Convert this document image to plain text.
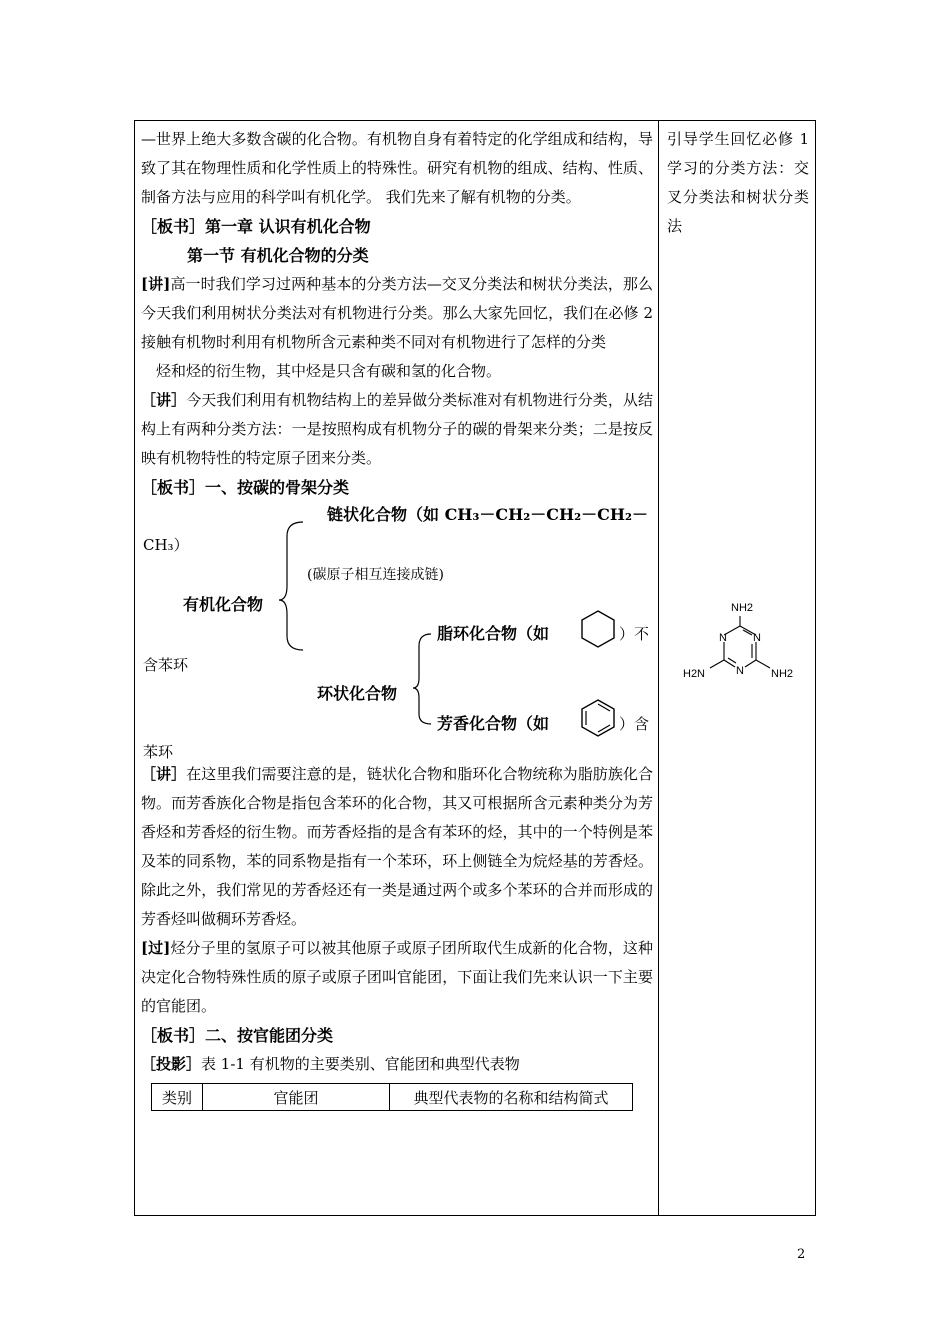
—世界上绝大多数含碳的化合物。有机物自身有着特定的化学组成和结构，导致了其在物理性质和化学性质上的特殊性。研究有机物的组成、结构、性质、制备方法与应用的科学叫有机化学。 我们先来了解有机物的分类。

［板书］第一章 认识有机化合物
第一节 有机化合物的分类

[讲]高一时我们学习过两种基本的分类方法—交叉分类法和树状分类法，那么今天我们利用树状分类法对有机物进行分类。那么大家先回忆，我们在必修 2 接触有机物时利用有机物所含元素种类不同对有机物进行了怎样的分类

烃和烃的衍生物，其中烃是只含有碳和氢的化合物。

［讲］今天我们利用有机物结构上的差异做分类标准对有机物进行分类，从结构上有两种分类方法：一是按照构成有机物分子的碳的骨架来分类；二是按反映有机物特性的特定原子团来分类。

［板书］一、按碳的骨架分类
链状化合物（如 CH₃－CH₂－CH₂－CH₂－
CH₃）
(碳原子相互连接成链)
有机化合物
脂环化合物（如	）不
含苯环
环状化合物
芳香化合物（如	）含
苯环

［讲］在这里我们需要注意的是，链状化合物和脂环化合物统称为脂肪族化合物。而芳香族化合物是指包含苯环的化合物，其又可根据所含元素种类分为芳香烃和芳香烃的衍生物。而芳香烃指的是含有苯环的烃，其中的一个特例是苯及苯的同系物，苯的同系物是指有一个苯环，环上侧链全为烷烃基的芳香烃。除此之外，我们常见的芳香烃还有一类是通过两个或多个苯环的合并而形成的芳香烃叫做稠环芳香烃。

[过]烃分子里的氢原子可以被其他原子或原子团所取代生成新的化合物，这种决定化合物特殊性质的原子或原子团叫官能团，下面让我们先来认识一下主要的官能团。

［板书］二、按官能团分类

［投影］表 1-1 有机物的主要类别、官能团和典型代表物

类别	官能团	典型代表物的名称和结构简式

引导学生回忆必修 1 学习的分类方法：交叉分类法和树状分类法

NH2
N
N
N
H2N	NH2
2
